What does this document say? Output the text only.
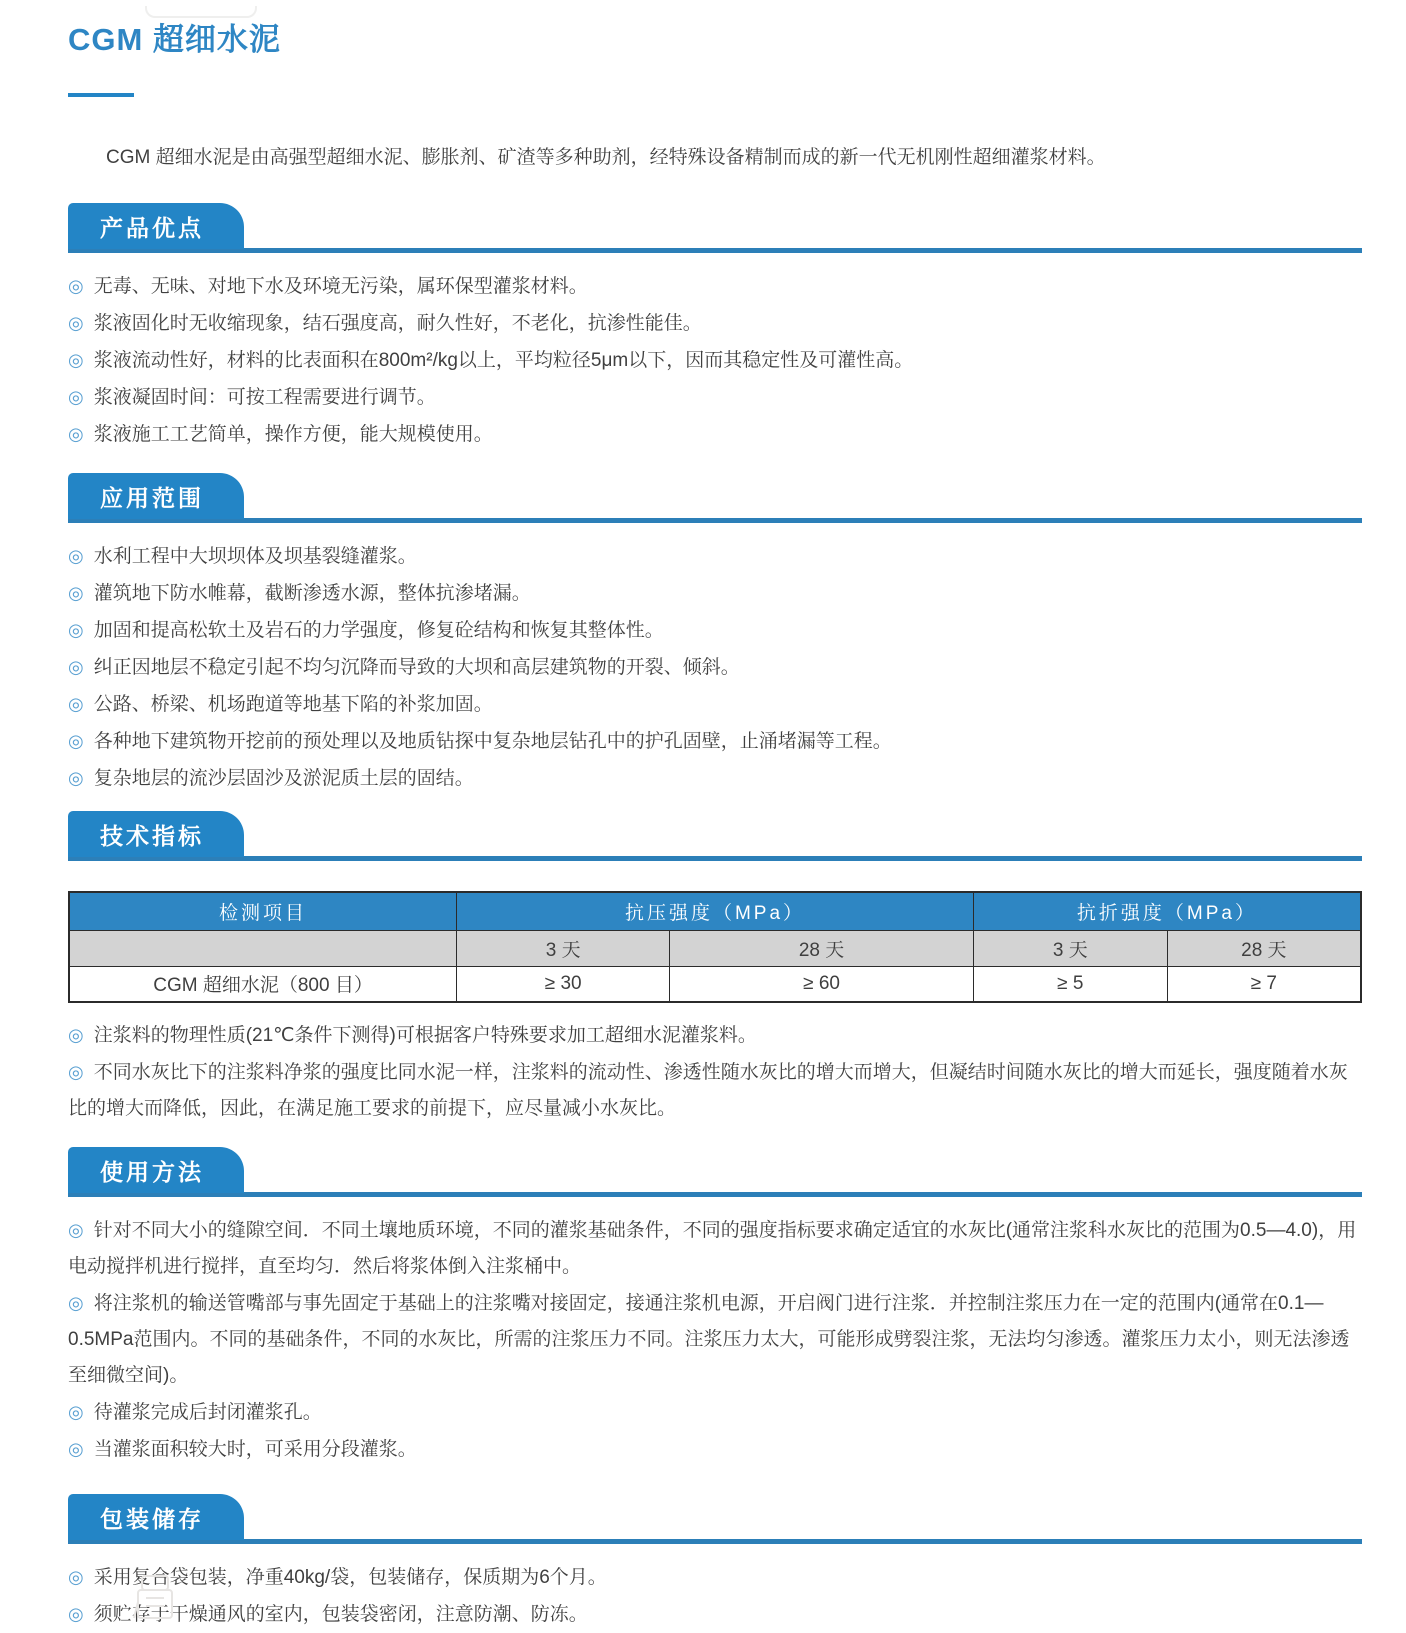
CGM 超细水泥

CGM 超细水泥是由高强型超细水泥、膨胀剂、矿渣等多种助剂，经特殊设备精制而成的新一代无机刚性超细灌浆材料。

产品优点

◎ 无毒、无味、对地下水及环境无污染，属环保型灌浆材料。

◎ 浆液固化时无收缩现象，结石强度高，耐久性好，不老化，抗渗性能佳。

◎ 浆液流动性好，材料的比表面积在800m²/kg以上，平均粒径5μm以下，因而其稳定性及可灌性高。

◎ 浆液凝固时间：可按工程需要进行调节。

◎ 浆液施工工艺简单，操作方便，能大规模使用。

应用范围

◎ 水利工程中大坝坝体及坝基裂缝灌浆。

◎ 灌筑地下防水帷幕，截断渗透水源，整体抗渗堵漏。

◎ 加固和提高松软土及岩石的力学强度，修复砼结构和恢复其整体性。

◎ 纠正因地层不稳定引起不均匀沉降而导致的大坝和高层建筑物的开裂、倾斜。

◎ 公路、桥梁、机场跑道等地基下陷的补浆加固。

◎ 各种地下建筑物开挖前的预处理以及地质钻探中复杂地层钻孔中的护孔固壁，止涌堵漏等工程。

◎ 复杂地层的流沙层固沙及淤泥质土层的固结。

技术指标
检测项目	抗压强度（MPa）		抗折强度（MPa）	
	3 天	28 天	3 天	28 天
CGM 超细水泥（800 目）	≥ 30	≥ 60	≥ 5	≥ 7

◎ 注浆料的物理性质(21℃条件下测得)可根据客户特殊要求加工超细水泥灌浆料。

◎ 不同水灰比下的注浆料净浆的强度比同水泥一样，注浆料的流动性、渗透性随水灰比的增大而增大，但凝结时间随水灰比的增大而延长，强度随着水灰比的增大而降低，因此，在满足施工要求的前提下，应尽量减小水灰比。

使用方法

◎ 针对不同大小的缝隙空间．不同土壤地质环境，不同的灌浆基础条件，不同的强度指标要求确定适宜的水灰比(通常注浆科水灰比的范围为0.5—4.0)，用电动搅拌机进行搅拌，直至均匀．然后将浆体倒入注浆桶中。

◎ 将注浆机的输送管嘴部与事先固定于基础上的注浆嘴对接固定，接通注浆机电源，开启阀门进行注浆．并控制注浆压力在一定的范围内(通常在0.1—0.5MPa范围内。不同的基础条件，不同的水灰比，所需的注浆压力不同。注浆压力太大，可能形成劈裂注浆，无法均匀渗透。灌浆压力太小，则无法渗透至细微空间)。

◎ 待灌浆完成后封闭灌浆孔。

◎ 当灌浆面积较大时，可采用分段灌浆。

包装储存

◎ 采用复合袋包装，净重40kg/袋，包装储存，保质期为6个月。

◎ 须贮存于干燥通风的室内，包装袋密闭，注意防潮、防冻。
